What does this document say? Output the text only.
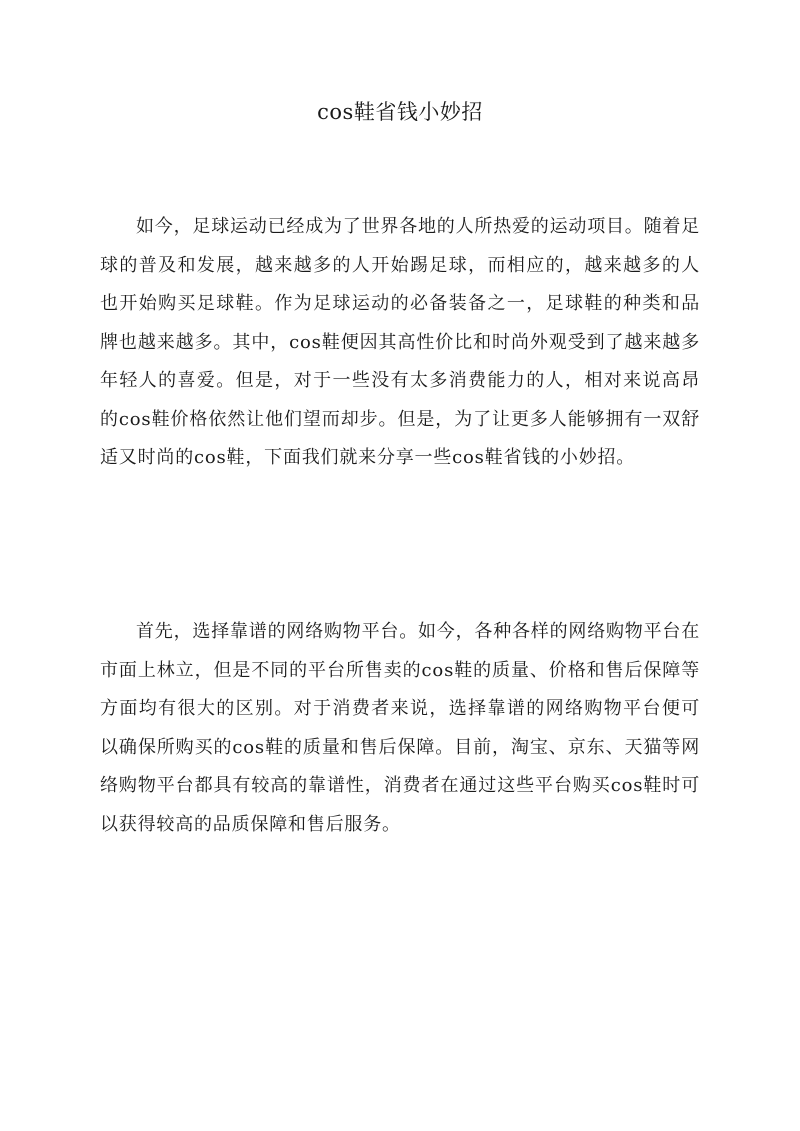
cos鞋省钱小妙招

如今，足球运动已经成为了世界各地的人所热爱的运动项目。随着足球的普及和发展，越来越多的人开始踢足球，而相应的，越来越多的人也开始购买足球鞋。作为足球运动的必备装备之一，足球鞋的种类和品牌也越来越多。其中，cos鞋便因其高性价比和时尚外观受到了越来越多年轻人的喜爱。但是，对于一些没有太多消费能力的人，相对来说高昂的cos鞋价格依然让他们望而却步。但是，为了让更多人能够拥有一双舒适又时尚的cos鞋，下面我们就来分享一些cos鞋省钱的小妙招。

首先，选择靠谱的网络购物平台。如今，各种各样的网络购物平台在市面上林立，但是不同的平台所售卖的cos鞋的质量、价格和售后保障等方面均有很大的区别。对于消费者来说，选择靠谱的网络购物平台便可以确保所购买的cos鞋的质量和售后保障。目前，淘宝、京东、天猫等网络购物平台都具有较高的靠谱性，消费者在通过这些平台购买cos鞋时可以获得较高的品质保障和售后服务。
